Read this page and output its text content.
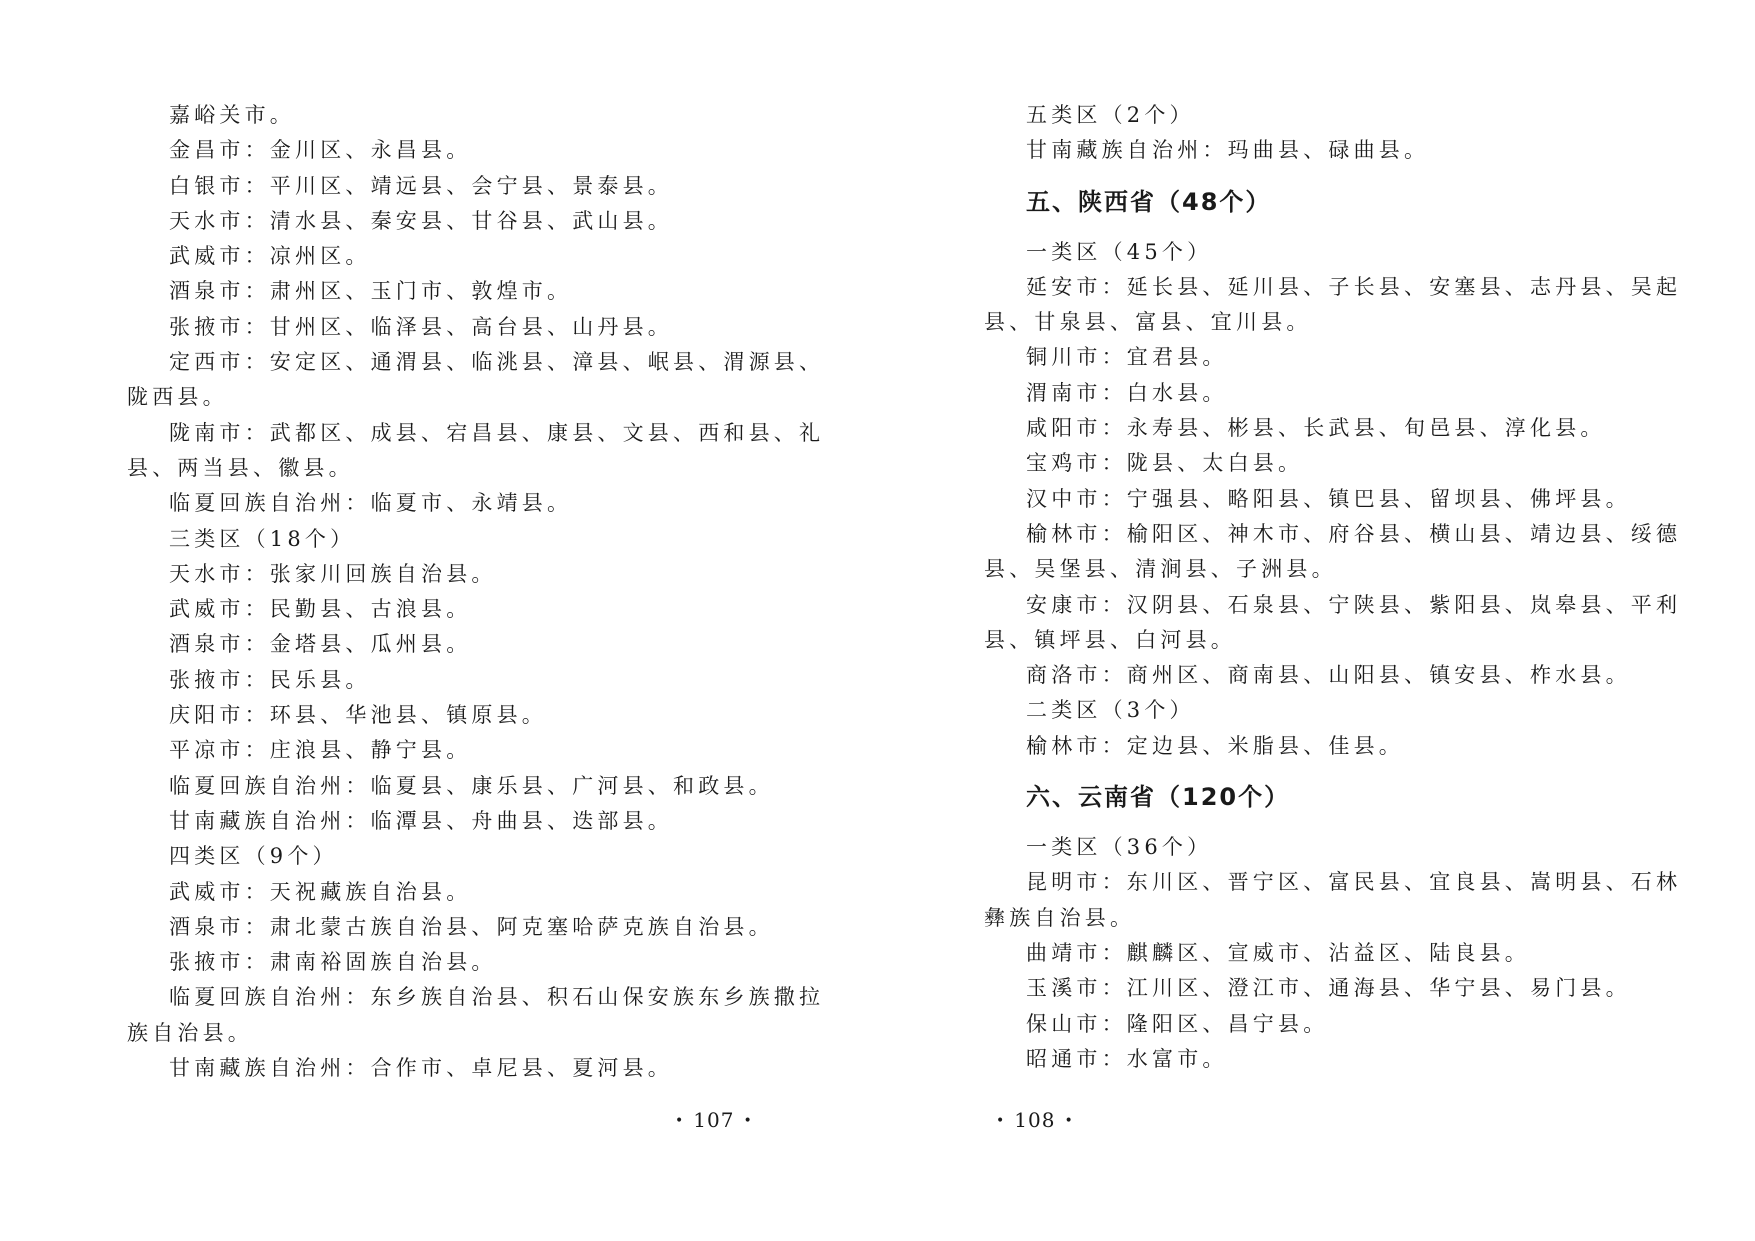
嘉峪关市。
金昌市：金川区、永昌县。
白银市：平川区、靖远县、会宁县、景泰县。
天水市：清水县、秦安县、甘谷县、武山县。
武威市：凉州区。
酒泉市：肃州区、玉门市、敦煌市。
张掖市：甘州区、临泽县、高台县、山丹县。
定西市：安定区、通渭县、临洮县、漳县、岷县、渭源县、
陇西县。
陇南市：武都区、成县、宕昌县、康县、文县、西和县、礼
县、两当县、徽县。
临夏回族自治州：临夏市、永靖县。
三类区（18个）
天水市：张家川回族自治县。
武威市：民勤县、古浪县。
酒泉市：金塔县、瓜州县。
张掖市：民乐县。
庆阳市：环县、华池县、镇原县。
平凉市：庄浪县、静宁县。
临夏回族自治州：临夏县、康乐县、广河县、和政县。
甘南藏族自治州：临潭县、舟曲县、迭部县。
四类区（9个）
武威市：天祝藏族自治县。
酒泉市：肃北蒙古族自治县、阿克塞哈萨克族自治县。
张掖市：肃南裕固族自治县。
临夏回族自治州：东乡族自治县、积石山保安族东乡族撒拉
族自治县。
甘南藏族自治州：合作市、卓尼县、夏河县。
• 107 •
五类区（2个）
甘南藏族自治州：玛曲县、碌曲县。
五、陕西省（48个）
一类区（45个）
延安市：延长县、延川县、子长县、安塞县、志丹县、吴起
县、甘泉县、富县、宜川县。
铜川市：宜君县。
渭南市：白水县。
咸阳市：永寿县、彬县、长武县、旬邑县、淳化县。
宝鸡市：陇县、太白县。
汉中市：宁强县、略阳县、镇巴县、留坝县、佛坪县。
榆林市：榆阳区、神木市、府谷县、横山县、靖边县、绥德
县、吴堡县、清涧县、子洲县。
安康市：汉阴县、石泉县、宁陕县、紫阳县、岚皋县、平利
县、镇坪县、白河县。
商洛市：商州区、商南县、山阳县、镇安县、柞水县。
二类区（3个）
榆林市：定边县、米脂县、佳县。
六、云南省（120个）
一类区（36个）
昆明市：东川区、晋宁区、富民县、宜良县、嵩明县、石林
彝族自治县。
曲靖市：麒麟区、宣威市、沾益区、陆良县。
玉溪市：江川区、澄江市、通海县、华宁县、易门县。
保山市：隆阳区、昌宁县。
昭通市：水富市。
• 108 •
